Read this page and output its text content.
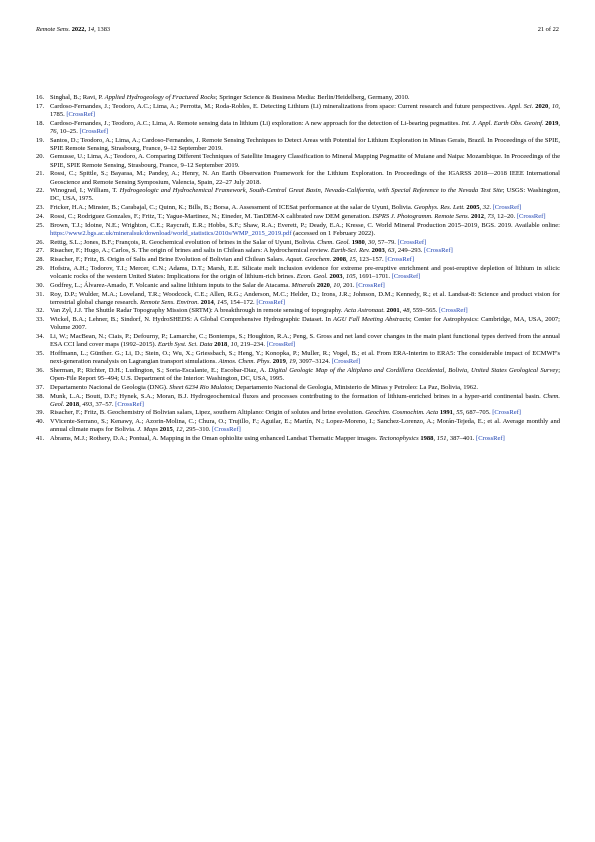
Remote Sens. 2022, 14, 1383	21 of 22
16. Singhal, B.; Ravi, P. Applied Hydrogeology of Fractured Rocks; Springer Science & Business Media: Berlin/Heidelberg, Germany, 2010.
17. Cardoso-Fernandes, J.; Teodoro, A.C.; Lima, A.; Perrotta, M.; Roda-Robles, E. Detecting Lithium (Li) mineralizations from space: Current research and future perspectives. Appl. Sci. 2020, 10, 1785. [CrossRef]
18. Cardoso-Fernandes, J.; Teodoro, A.C.; Lima, A. Remote sensing data in lithium (Li) exploration: A new approach for the detection of Li-bearing pegmatites. Int. J. Appl. Earth Obs. Geoinf. 2019, 76, 10–25. [CrossRef]
19. Santos, D.; Teodoro, A.; Lima, A.; Cardoso-Fernandes, J. Remote Sensing Techniques to Detect Areas with Potential for Lithium Exploration in Minas Gerais, Brazil. In Proceedings of the SPIE, SPIE Remote Sensing, Strasbourg, France, 9–12 September 2019.
20. Gemusse, U.; Lima, A.; Teodoro, A. Comparing Different Techniques of Satellite Imagery Classification to Mineral Mapping Pegmatite of Muiane and Naipa: Mozambique. In Proceedings of the SPIE, SPIE Remote Sensing, Strasbourg, France, 9–12 September 2019.
21. Rossi, C.; Spittle, S.; Bayaraa, M.; Pandey, A.; Henry, N. An Earth Observation Framework for the Lithium Exploration. In Proceedings of the IGARSS 2018—2018 IEEE International Geoscience and Remote Sensing Symposium, Valencia, Spain, 22–27 July 2018.
22. Winograd, I.; William, T. Hydrogeologic and Hydrochemical Framework, South-Central Great Basin, Nevada-California, with Special Reference to the Nevada Test Site; USGS: Washington, DC, USA, 1975.
23. Fricker, H.A.; Minster, B.; Carabajal, C.; Quinn, K.; Bills, B.; Borsa, A. Assessment of ICESat performance at the salar de Uyuni, Bolivia. Geophys. Res. Lett. 2005, 32. [CrossRef]
24. Rossi, C.; Rodriguez Gonzales, F.; Fritz, T.; Yague-Martinez, N.; Eineder, M. TanDEM-X calibrated raw DEM generation. ISPRS J. Photogramm. Remote Sens. 2012, 73, 12–20. [CrossRef]
25. Brown, T.J.; Idoine, N.E.; Wrighton, C.E.; Raycraft, E.R.; Hobbs, S.F.; Shaw, R.A.; Everett, P.; Deady, E.A.; Kresse, C. World Mineral Production 2015–2019, BGS. 2019. Available online: https://www2.bgs.ac.uk/mineralsuk/download/world_statistics/2010s/WMP_2015_2019.pdf (accessed on 1 February 2022).
26. Rettig, S.L.; Jones, B.F.; François, R. Geochemical evolution of brines in the Salar of Uyuni, Bolivia. Chem. Geol. 1980, 30, 57–79. [CrossRef]
27. Risacher, F.; Hugo, A.; Carlos, S. The origin of brines and salts in Chilean salars: A hydrochemical review. Earth-Sci. Rev. 2003, 63, 249–293. [CrossRef]
28. Risacher, F.; Fritz, B. Origin of Salts and Brine Evolution of Bolivian and Chilean Salars. Aquat. Geochem. 2008, 15, 123–157. [CrossRef]
29. Hofstra, A.H.; Todorov, T.I.; Mercer, C.N.; Adams, D.T.; Marsh, E.E. Silicate melt inclusion evidence for extreme pre-eruptive enrichment and post-eruptive depletion of lithium in silicic volcanic rocks of the western United States: Implications for the origin of lithium-rich brines. Econ. Geol. 2003, 105, 1691–1701. [CrossRef]
30. Godfrey, L.; Álvarez-Amado, F. Volcanic and saline lithium inputs to the Salar de Atacama. Minerals 2020, 10, 201. [CrossRef]
31. Roy, D.P.; Wulder, M.A.; Loveland, T.R.; Woodcock, C.E.; Allen, R.G.; Anderson, M.C.; Helder, D.; Irons, J.R.; Johnson, D.M.; Kennedy, R.; et al. Landsat-8: Science and product vision for terrestrial global change research. Remote Sens. Environ. 2014, 145, 154–172. [CrossRef]
32. Van Zyl, J.J. The Shuttle Radar Topography Mission (SRTM): A breakthrough in remote sensing of topography. Acta Astronaut. 2001, 48, 559–565. [CrossRef]
33. Wickel, B.A.; Lehner, B.; Sindorf, N. HydroSHEDS: A Global Comprehensive Hydrographic Dataset. In AGU Fall Meeting Abstracts; Center for Astrophysics: Cambridge, MA, USA, 2007; Volume 2007.
34. Li, W.; MacBean, N.; Ciais, P.; Defourny, P.; Lamarche, C.; Bontemps, S.; Houghton, R.A.; Peng, S. Gross and net land cover changes in the main plant functional types derived from the annual ESA CCI land cover maps (1992–2015). Earth Syst. Sci. Data 2018, 10, 219–234. [CrossRef]
35. Hoffmann, L.; Günther. G.; Li, D.; Stein, O.; Wu, X.; Griessbach, S.; Heng, Y.; Konopka, P.; Muller, R.; Vogel, B.; et al. From ERA-Interim to ERA5: The considerable impact of ECMWF's next-generation reanalysis on Lagrangian transport simulations. Atmos. Chem. Phys. 2019, 19, 3097–3124. [CrossRef]
36. Sherman, P.; Richter, D.H.; Ludington, S.; Soria-Escalante, E.; Escobar-Diaz, A. Digital Geologic Map of the Altiplano and Cordillera Occidental, Bolivia, United States Geological Survey; Open-File Report 95–494; U.S. Department of the Interior: Washington, DC, USA, 1995.
37. Departamento Nacional de Geologia (DNG). Sheet 6234 Rio Mulatos; Departamento Nacional de Geologia, Ministerio de Minas y Petroleo: La Paz, Bolivia, 1962.
38. Munk, L.A.; Boutt, D.F.; Hynek, S.A.; Moran, B.J. Hydrogeochemical fluxes and processes contributing to the formation of lithium-enriched brines in a hyper-arid continental basin. Chem. Geol. 2018, 493, 37–57. [CrossRef]
39. Risacher, F.; Fritz, B. Geochemistry of Bolivian salars, Lipez, southern Altiplano: Origin of solutes and brine evolution. Geochim. Cosmochim. Acta 1991, 55, 687–705. [CrossRef]
40. VVicente-Serrano, S.; Kenawy, A.; Azorin-Molina, C.; Chura, O.; Trujillo, F.; Aguilar, E.; Martín, N.; Lopez-Moreno, I.; Sanchez-Lorenzo, A.; Morán-Tejeda, E.; et al. Average monthly and annual climate maps for Bolivia. J. Maps 2015, 12, 295–310. [CrossRef]
41. Abrams, M.J.; Rothery, D.A.; Pontual, A. Mapping in the Oman ophiolite using enhanced Landsat Thematic Mapper images. Tectonophysics 1988, 151, 387–401. [CrossRef]
